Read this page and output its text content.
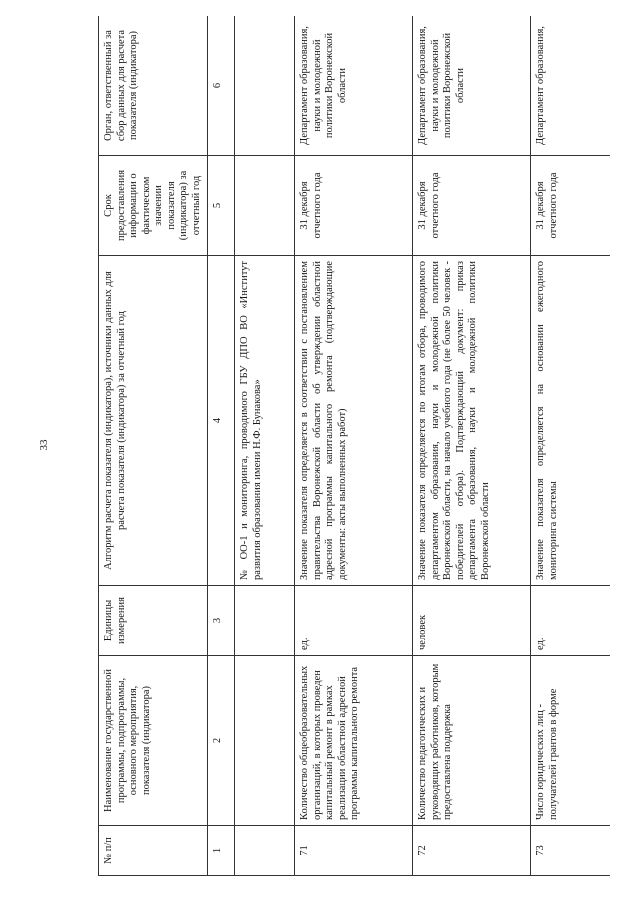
33
№ п/п	Наименование государственной программы, подпрограммы, основного мероприятия, показателя (индикатора)	Единицы измерения	Алгоритм расчета показателя (индикатора), источники данных для расчета показателя (индикатора) за отчетный год	Срок предоставления информации о фактическом значении показателя (индикатора) за отчетный год	Орган, ответственный за сбор данных для расчета показателя (индикатора)
1	2	3	4	5	6
			№ ОО-1 и мониторинга, проводимого ГБУ ДПО ВО «Институт развития образования имени Н.Ф. Бунакова»		
71	Количество общеобразовательных организаций, в которых проведен капитальный ремонт в рамках реализации областной адресной программы капитального ремонта	ед.	Значение показателя определяется в соответствии с постановлением правительства Воронежской области об утверждении областной адресной программы капитального ремонта (подтверждающие документы: акты выполненных работ)	31 декабря отчетного года	Департамент образования, науки и молодежной политики Воронежской области
72	Количество педагогических и руководящих работников, которым предоставлена поддержка	человек	Значение показателя определяется по итогам отбора, проводимого департаментом образования, науки и молодежной политики Воронежской области, на начало учебного года (не более 50 человек - победителей отбора). Подтверждающий документ: приказ департамента образования, науки и молодежной политики Воронежской области	31 декабря отчетного года	Департамент образования, науки и молодежной политики Воронежской области
73	Число юридических лиц - получателей грантов в форме	ед.	Значение показателя определяется на основании ежегодного мониторинга системы	31 декабря отчетного года	Департамент образования,
